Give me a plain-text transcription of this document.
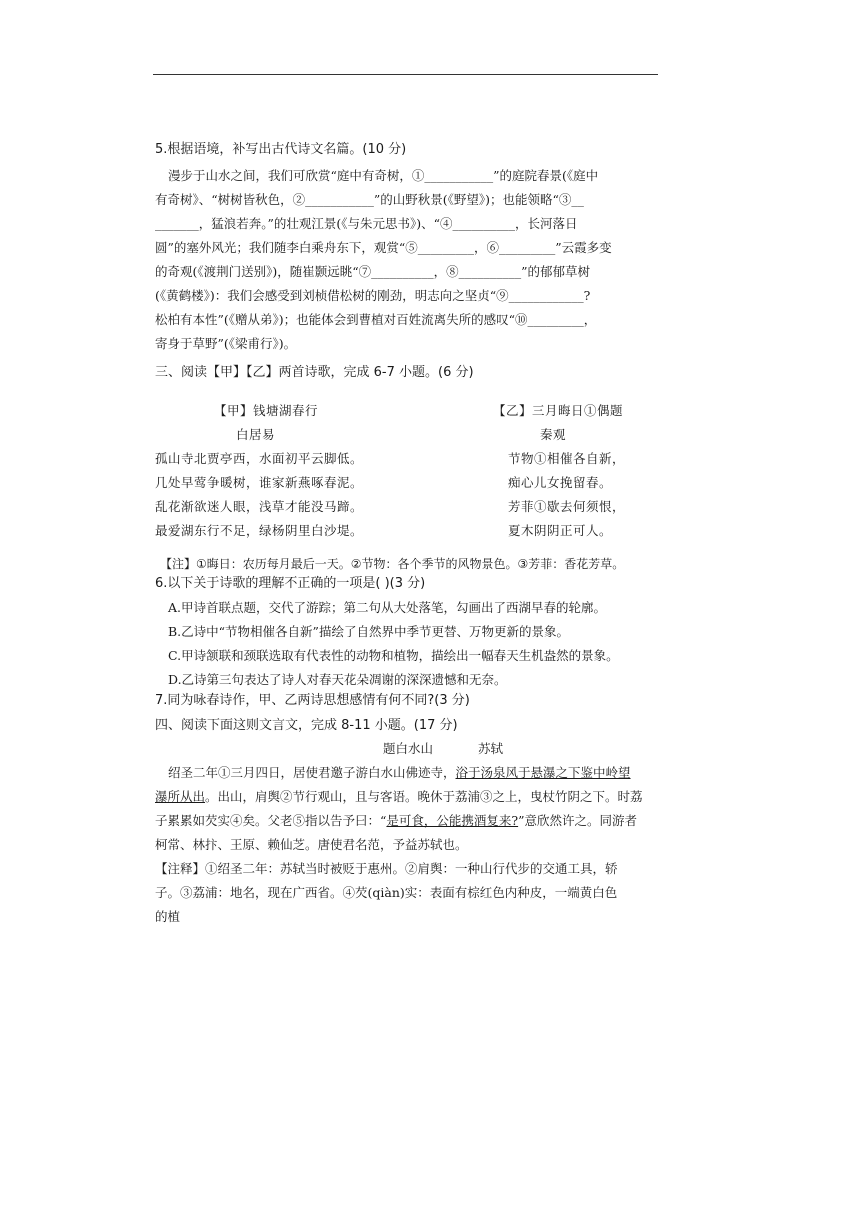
5.根据语境，补写出古代诗文名篇。(10 分)
漫步于山水之间，我们可欣赏“庭中有奇树，①___________”的庭院春景(《庭中
有奇树》、“树树皆秋色，②___________”的山野秋景(《野望》)；也能领略“③__
_______，猛浪若奔。”的壮观江景(《与朱元思书》)、“④__________，长河落日
圆”的塞外风光；我们随李白乘舟东下，观赏“⑤_________，⑥_________”云霞多变
的奇观(《渡荆门送别》)，随崔颢远眺“⑦__________，⑧__________”的郁郁草树
(《黄鹤楼》)：我们会感受到刘桢借松树的刚劲，明志向之坚贞“⑨____________?
松柏有本性”(《赠从弟》)；也能体会到曹植对百姓流离失所的感叹“⑩_________，
寄身于草野”(《梁甫行》)。
三、阅读【甲】【乙】两首诗歌，完成 6-7 小题。(6 分)
【甲】钱塘湖春行
白居易
孤山寺北贾亭西，水面初平云脚低。
几处早莺争暖树，谁家新燕啄春泥。
乱花渐欲迷人眼，浅草才能没马蹄。
最爱湖东行不足，绿杨阴里白沙堤。
【乙】三月晦日①偶题
秦观
节物①相催各自新，
痴心儿女挽留春。
芳菲①歇去何须恨，
夏木阴阴正可人。
【注】①晦日：农历每月最后一天。②节物：各个季节的风物景色。③芳菲：香花芳草。
6.以下关于诗歌的理解不正确的一项是( )(3 分)
A.甲诗首联点题，交代了游踪；第二句从大处落笔，勾画出了西湖早春的轮廓。
B.乙诗中“节物相催各自新”描绘了自然界中季节更替、万物更新的景象。
C.甲诗颔联和颈联选取有代表性的动物和植物，描绘出一幅春天生机盎然的景象。
D.乙诗第三句表达了诗人对春天花朵凋谢的深深遗憾和无奈。
7.同为咏春诗作，甲、乙两诗思想感情有何不同?(3 分)
四、阅读下面这则文言文，完成 8-11 小题。(17 分)
题白水山	苏轼
绍圣二年①三月四日，居使君邀子游白水山佛迹寺，浴于汤泉风于悬瀑之下鉴中岭望
瀑所从出。出山，肩舆②节行观山，且与客语。晚休于荔浦③之上，曳杖竹阴之下。时荔
子累累如芡实④矣。父老⑤指以告予曰：“是可食，公能携酒复来?”意欣然许之。同游者
柯常、林抃、王原、赖仙芝。唐使君名范，予益苏轼也。
【注释】①绍圣二年：苏轼当时被贬于惠州。②肩舆：一种山行代步的交通工具，轿
子。③荔浦：地名，现在广西省。④芡(qiàn)实：表面有棕红色内种皮，一端黄白色
的植
